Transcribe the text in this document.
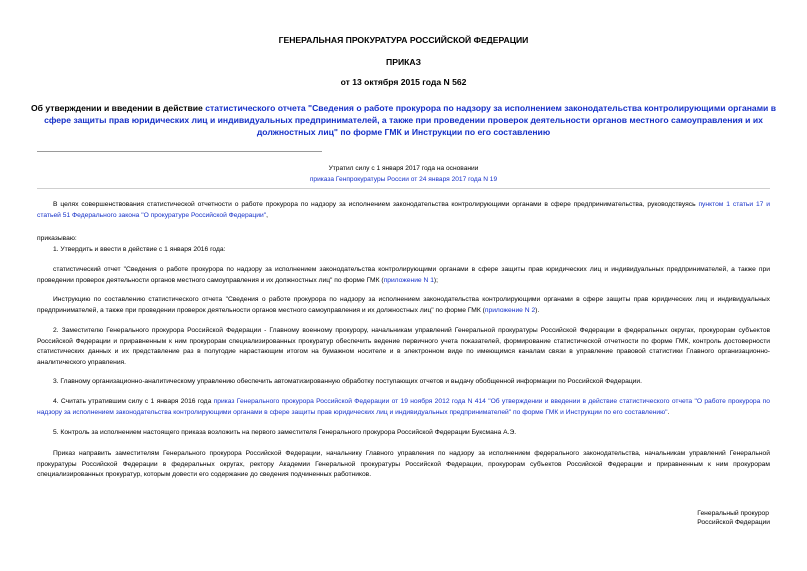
ГЕНЕРАЛЬНАЯ ПРОКУРАТУРА РОССИЙСКОЙ ФЕДЕРАЦИИ
ПРИКАЗ
от 13 октября 2015 года N 562
Об утверждении и введении в действие статистического отчета "Сведения о работе прокурора по надзору за исполнением законодательства контролирующими органами в сфере защиты прав юридических лиц и индивидуальных предпринимателей, а также при проведении проверок деятельности органов местного самоуправления и их должностных лиц" по форме ГМК и Инструкции по его составлению
Утратил силу с 1 января 2017 года на основании
приказа Генпрокуратуры России от 24 января 2017 года N 19
В целях совершенствования статистической отчетности о работе прокурора по надзору за исполнением законодательства контролирующими органами в сфере предпринимательства, руководствуясь пунктом 1 статьи 17 и статьей 51 Федерального закона "О прокуратуре Российской Федерации",
приказываю:
1. Утвердить и ввести в действие с 1 января 2016 года:
статистический отчет "Сведения о работе прокурора по надзору за исполнением законодательства контролирующими органами в сфере защиты прав юридических лиц и индивидуальных предпринимателей, а также при проведении проверок деятельности органов местного самоуправления и их должностных лиц" по форме ГМК (приложение N 1);
Инструкцию по составлению статистического отчета "Сведения о работе прокурора по надзору за исполнением законодательства контролирующими органами в сфере защиты прав юридических лиц и индивидуальных предпринимателей, а также при проведении проверок деятельности органов местного самоуправления и их должностных лиц" по форме ГМК (приложение N 2).
2. Заместителю Генерального прокурора Российской Федерации - Главному военному прокурору, начальникам управлений Генеральной прокуратуры Российской Федерации в федеральных округах, прокурорам субъектов Российской Федерации и приравненным к ним прокурорам специализированных прокуратур обеспечить ведение первичного учета показателей, формирование статистической отчетности по форме ГМК, контроль достоверности статистических данных и их представление раз в полугодие нарастающим итогом на бумажном носителе и в электронном виде по имеющимся каналам связи в управление правовой статистики Главного организационно-аналитического управления.
3. Главному организационно-аналитическому управлению обеспечить автоматизированную обработку поступающих отчетов и выдачу обобщенной информации по Российской Федерации.
4. Считать утратившим силу с 1 января 2016 года приказ Генерального прокурора Российской Федерации от 19 ноября 2012 года N 414 "Об утверждении и введении в действие статистического отчета "О работе прокурора по надзору за исполнением законодательства контролирующими органами в сфере защиты прав юридических лиц и индивидуальных предпринимателей" по форме ГМК и Инструкции по его составлению".
5. Контроль за исполнением настоящего приказа возложить на первого заместителя Генерального прокурора Российской Федерации Буксмана А.Э.
Приказ направить заместителям Генерального прокурора Российской Федерации, начальнику Главного управления по надзору за исполнением федерального законодательства, начальникам управлений Генеральной прокуратуры Российской Федерации в федеральных округах, ректору Академии Генеральной прокуратуры Российской Федерации, прокурорам субъектов Российской Федерации и приравненным к ним прокурорам специализированных прокуратур, которым довести его содержание до сведения подчиненных работников.
Генеральный прокурор
Российской Федерации
